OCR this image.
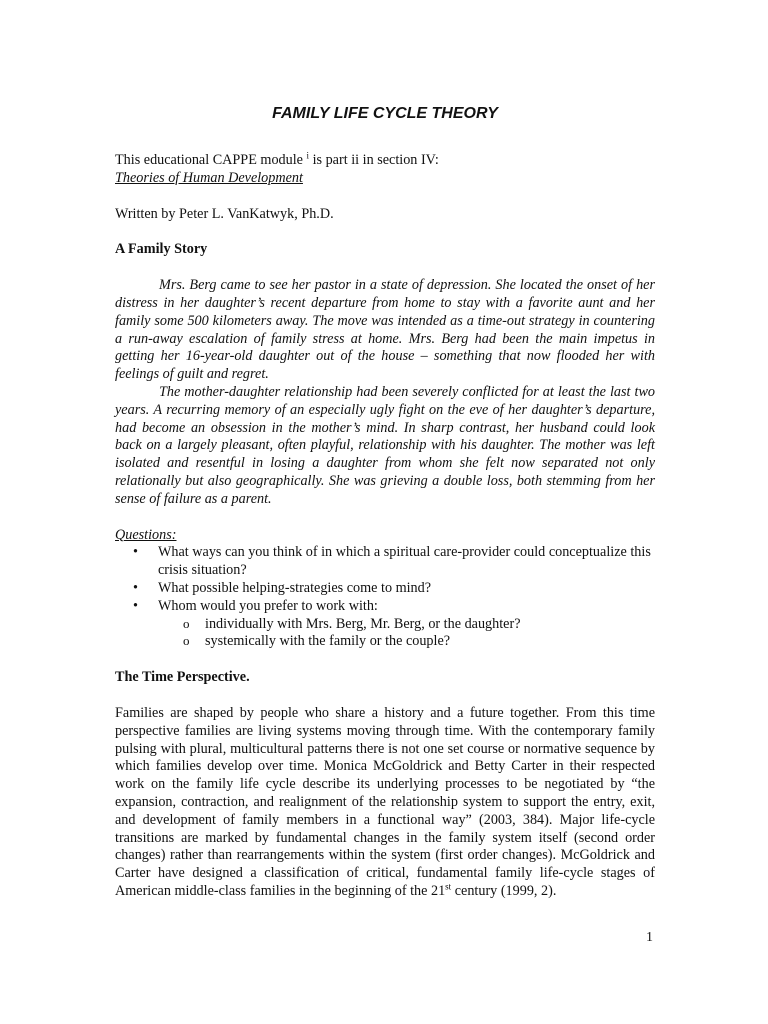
FAMILY LIFE CYCLE THEORY

This educational CAPPE module $^i$ is part ii in section IV:

Theories of Human Development

Written by Peter L. VanKatwyk, Ph.D.

A Family Story

Mrs. Berg came to see her pastor in a state of depression. She located the onset of her distress in her daughter’s recent departure from home to stay with a favorite aunt and her family some 500 kilometers away. The move was intended as a time-out strategy in countering a run-away escalation of family stress at home. Mrs. Berg had been the main impetus in getting her 16-year-old daughter out of the house – something that now flooded her with feelings of guilt and regret.

The mother-daughter relationship had been severely conflicted for at least the last two years. A recurring memory of an especially ugly fight on the eve of her daughter’s departure, had become an obsession in the mother’s mind. In sharp contrast, her husband could look back on a largely pleasant, often playful, relationship with his daughter. The mother was left isolated and resentful in losing a daughter from whom she felt now separated not only relationally but also geographically. She was grieving a double loss, both stemming from her sense of failure as a parent.

Questions:

• What ways can you think of in which a spiritual care-provider could conceptualize this crisis situation?
• What possible helping-strategies come to mind?
• Whom would you prefer to work with:
o individually with Mrs. Berg, Mr. Berg, or the daughter?
o systemically with the family or the couple?

The Time Perspective.

Families are shaped by people who share a history and a future together. From this time perspective families are living systems moving through time. With the contemporary family pulsing with plural, multicultural patterns there is not one set course or normative sequence by which families develop over time. Monica McGoldrick and Betty Carter in their respected work on the family life cycle describe its underlying processes to be negotiated by “the expansion, contraction, and realignment of the relationship system to support the entry, exit, and development of family members in a functional way” (2003, 384). Major life-cycle transitions are marked by fundamental changes in the family system itself (second order changes) rather than rearrangements within the system (first order changes). McGoldrick and Carter have designed a classification of critical, fundamental family life-cycle stages of American middle-class families in the beginning of the 21st century (1999, 2).

1
